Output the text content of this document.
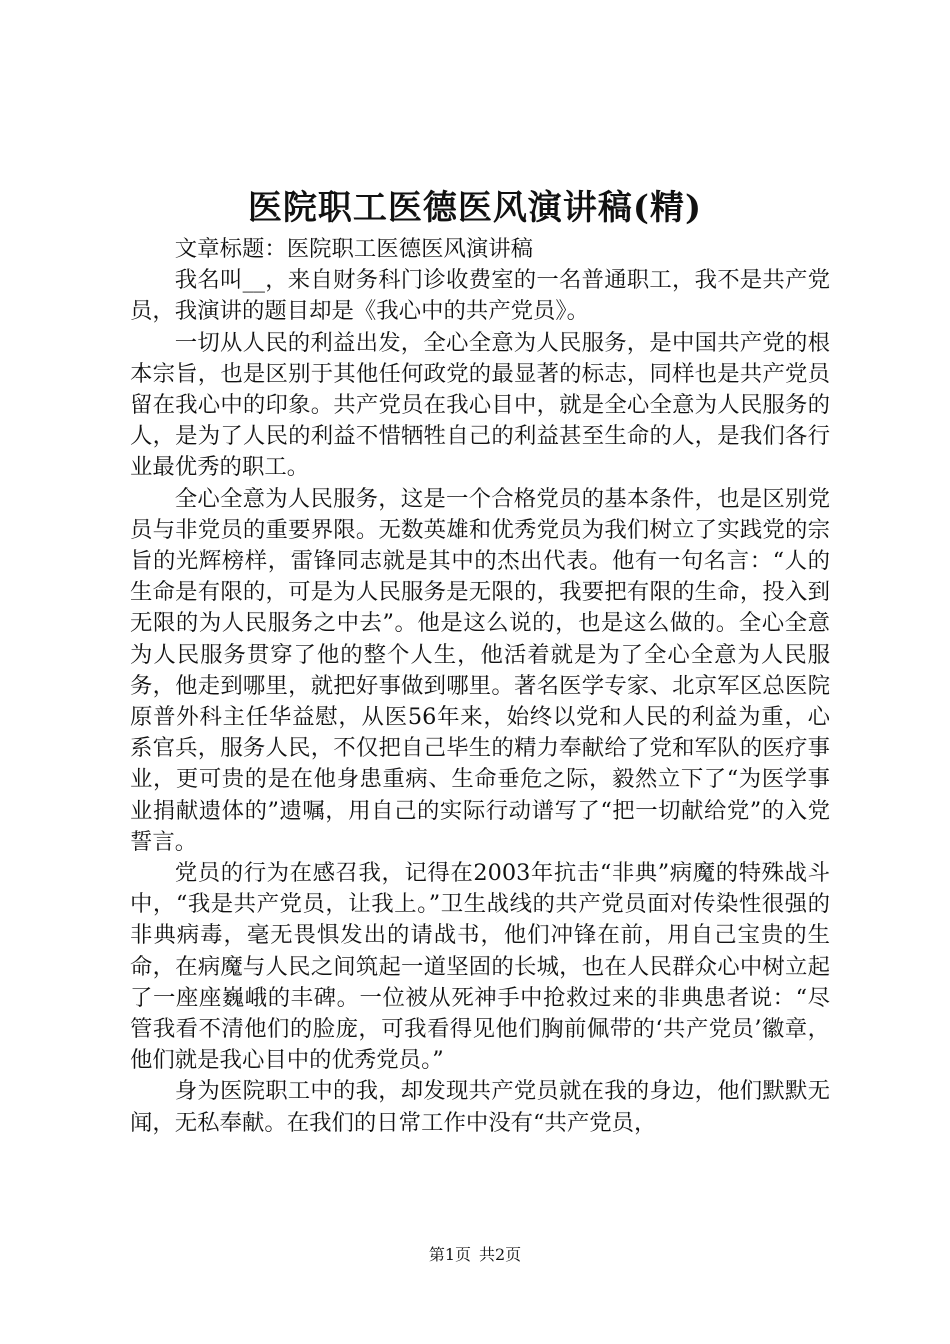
医院职工医德医风演讲稿(精)

文章标题：医院职工医德医风演讲稿

我名叫__，来自财务科门诊收费室的一名普通职工，我不是共产党员，我演讲的题目却是《我心中的共产党员》。

一切从人民的利益出发，全心全意为人民服务，是中国共产党的根本宗旨，也是区别于其他任何政党的最显著的标志，同样也是共产党员留在我心中的印象。共产党员在我心目中，就是全心全意为人民服务的人，是为了人民的利益不惜牺牲自己的利益甚至生命的人，是我们各行业最优秀的职工。

全心全意为人民服务，这是一个合格党员的基本条件，也是区别党员与非党员的重要界限。无数英雄和优秀党员为我们树立了实践党的宗旨的光辉榜样，雷锋同志就是其中的杰出代表。他有一句名言：“人的生命是有限的，可是为人民服务是无限的，我要把有限的生命，投入到无限的为人民服务之中去”。他是这么说的，也是这么做的。全心全意为人民服务贯穿了他的整个人生，他活着就是为了全心全意为人民服务，他走到哪里，就把好事做到哪里。著名医学专家、北京军区总医院原普外科主任华益慰，从医56年来，始终以党和人民的利益为重，心系官兵，服务人民，不仅把自己毕生的精力奉献给了党和军队的医疗事业，更可贵的是在他身患重病、生命垂危之际，毅然立下了“为医学事业捐献遗体的”遗嘱，用自己的实际行动谱写了“把一切献给党”的入党誓言。

党员的行为在感召我，记得在2003年抗击“非典”病魔的特殊战斗中，“我是共产党员，让我上。”卫生战线的共产党员面对传染性很强的非典病毒，毫无畏惧发出的请战书，他们冲锋在前，用自己宝贵的生命，在病魔与人民之间筑起一道坚固的长城，也在人民群众心中树立起了一座座巍峨的丰碑。一位被从死神手中抢救过来的非典患者说：“尽管我看不清他们的脸庞，可我看得见他们胸前佩带的‘共产党员’徽章，他们就是我心目中的优秀党员。”

身为医院职工中的我，却发现共产党员就在我的身边，他们默默无闻，无私奉献。在我们的日常工作中没有“共产党员，

第1页 共2页
